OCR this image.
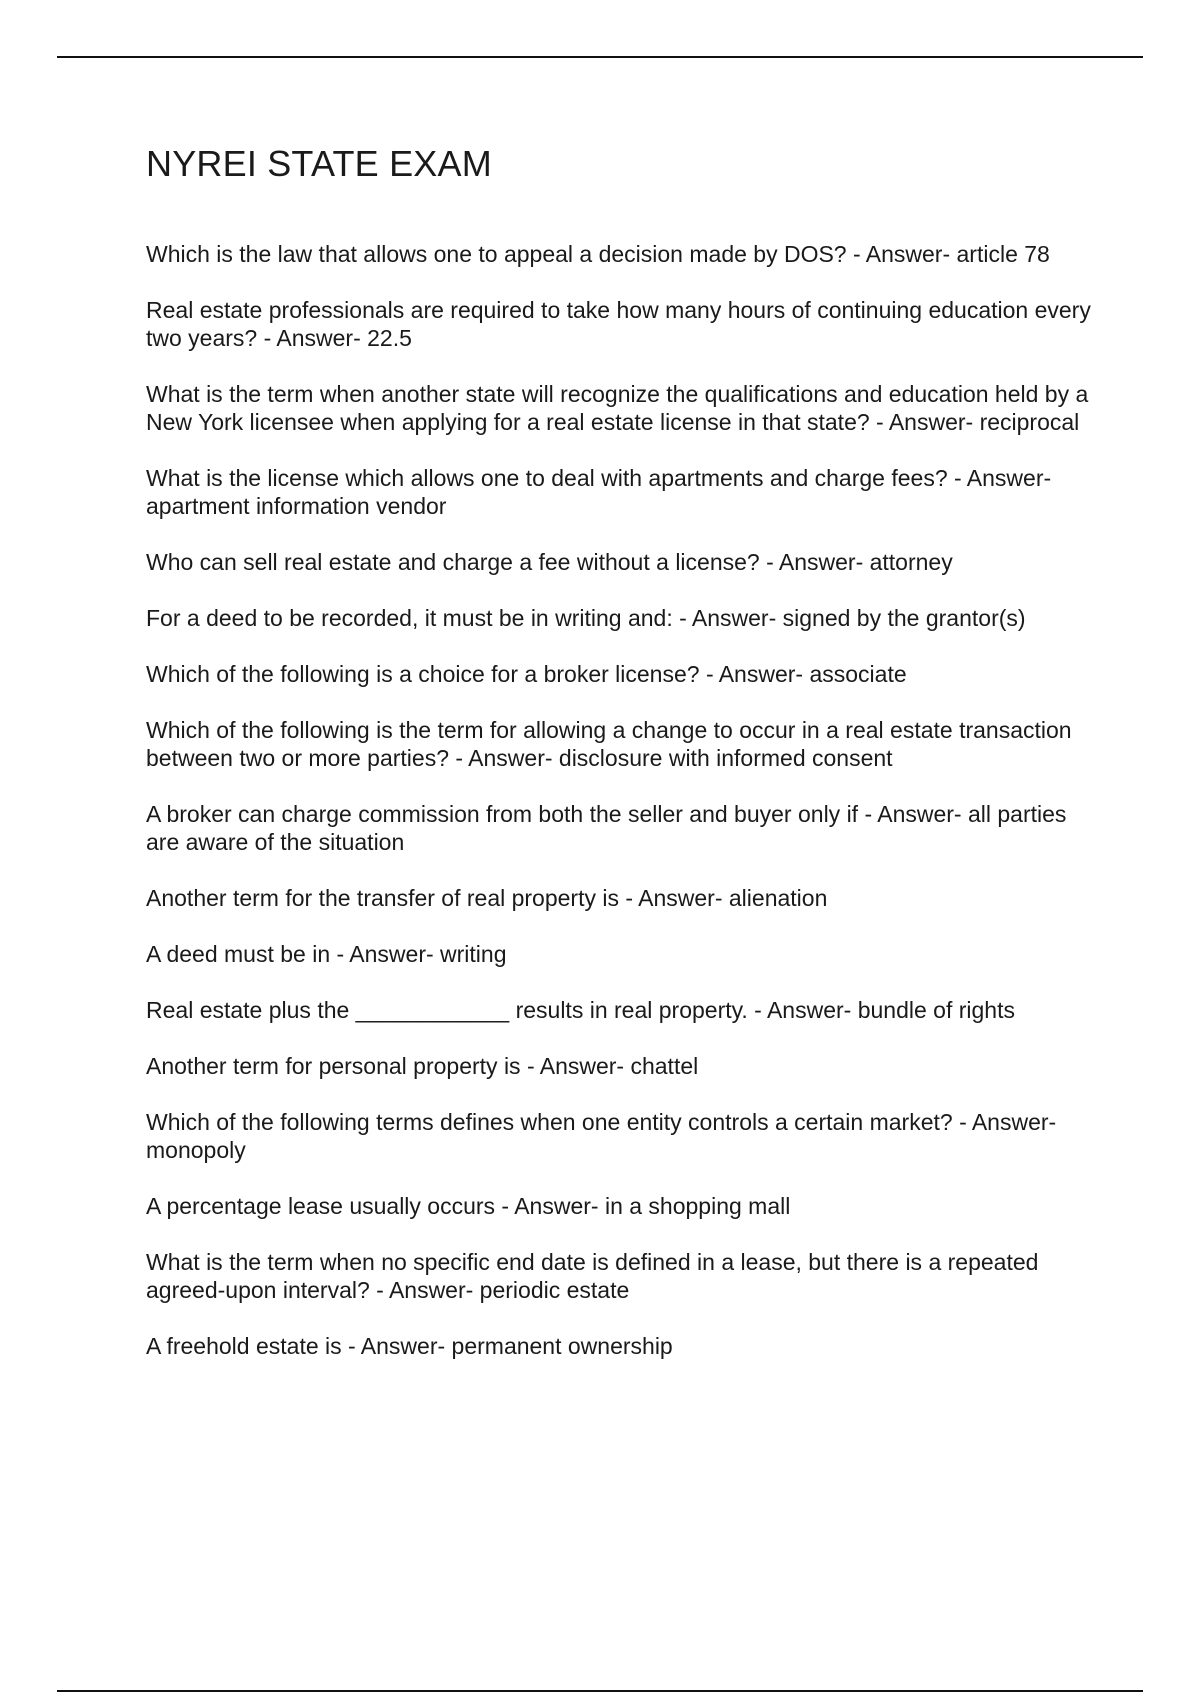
NYREI STATE EXAM

Which is the law that allows one to appeal a decision made by DOS? - Answer- article 78

Real estate professionals are required to take how many hours of continuing education every two years? - Answer- 22.5

What is the term when another state will recognize the qualifications and education held by a New York licensee when applying for a real estate license in that state? - Answer- reciprocal

What is the license which allows one to deal with apartments and charge fees? - Answer- apartment information vendor

Who can sell real estate and charge a fee without a license? - Answer- attorney

For a deed to be recorded, it must be in writing and: - Answer- signed by the grantor(s)

Which of the following is a choice for a broker license? - Answer- associate

Which of the following is the term for allowing a change to occur in a real estate transaction between two or more parties? - Answer- disclosure with informed consent

A broker can charge commission from both the seller and buyer only if - Answer- all parties are aware of the situation

Another term for the transfer of real property is - Answer- alienation

A deed must be in - Answer- writing

Real estate plus the ____________ results in real property. - Answer- bundle of rights

Another term for personal property is - Answer- chattel

Which of the following terms defines when one entity controls a certain market? - Answer- monopoly

A percentage lease usually occurs - Answer- in a shopping mall

What is the term when no specific end date is defined in a lease, but there is a repeated agreed-upon interval? - Answer- periodic estate

A freehold estate is - Answer- permanent ownership
